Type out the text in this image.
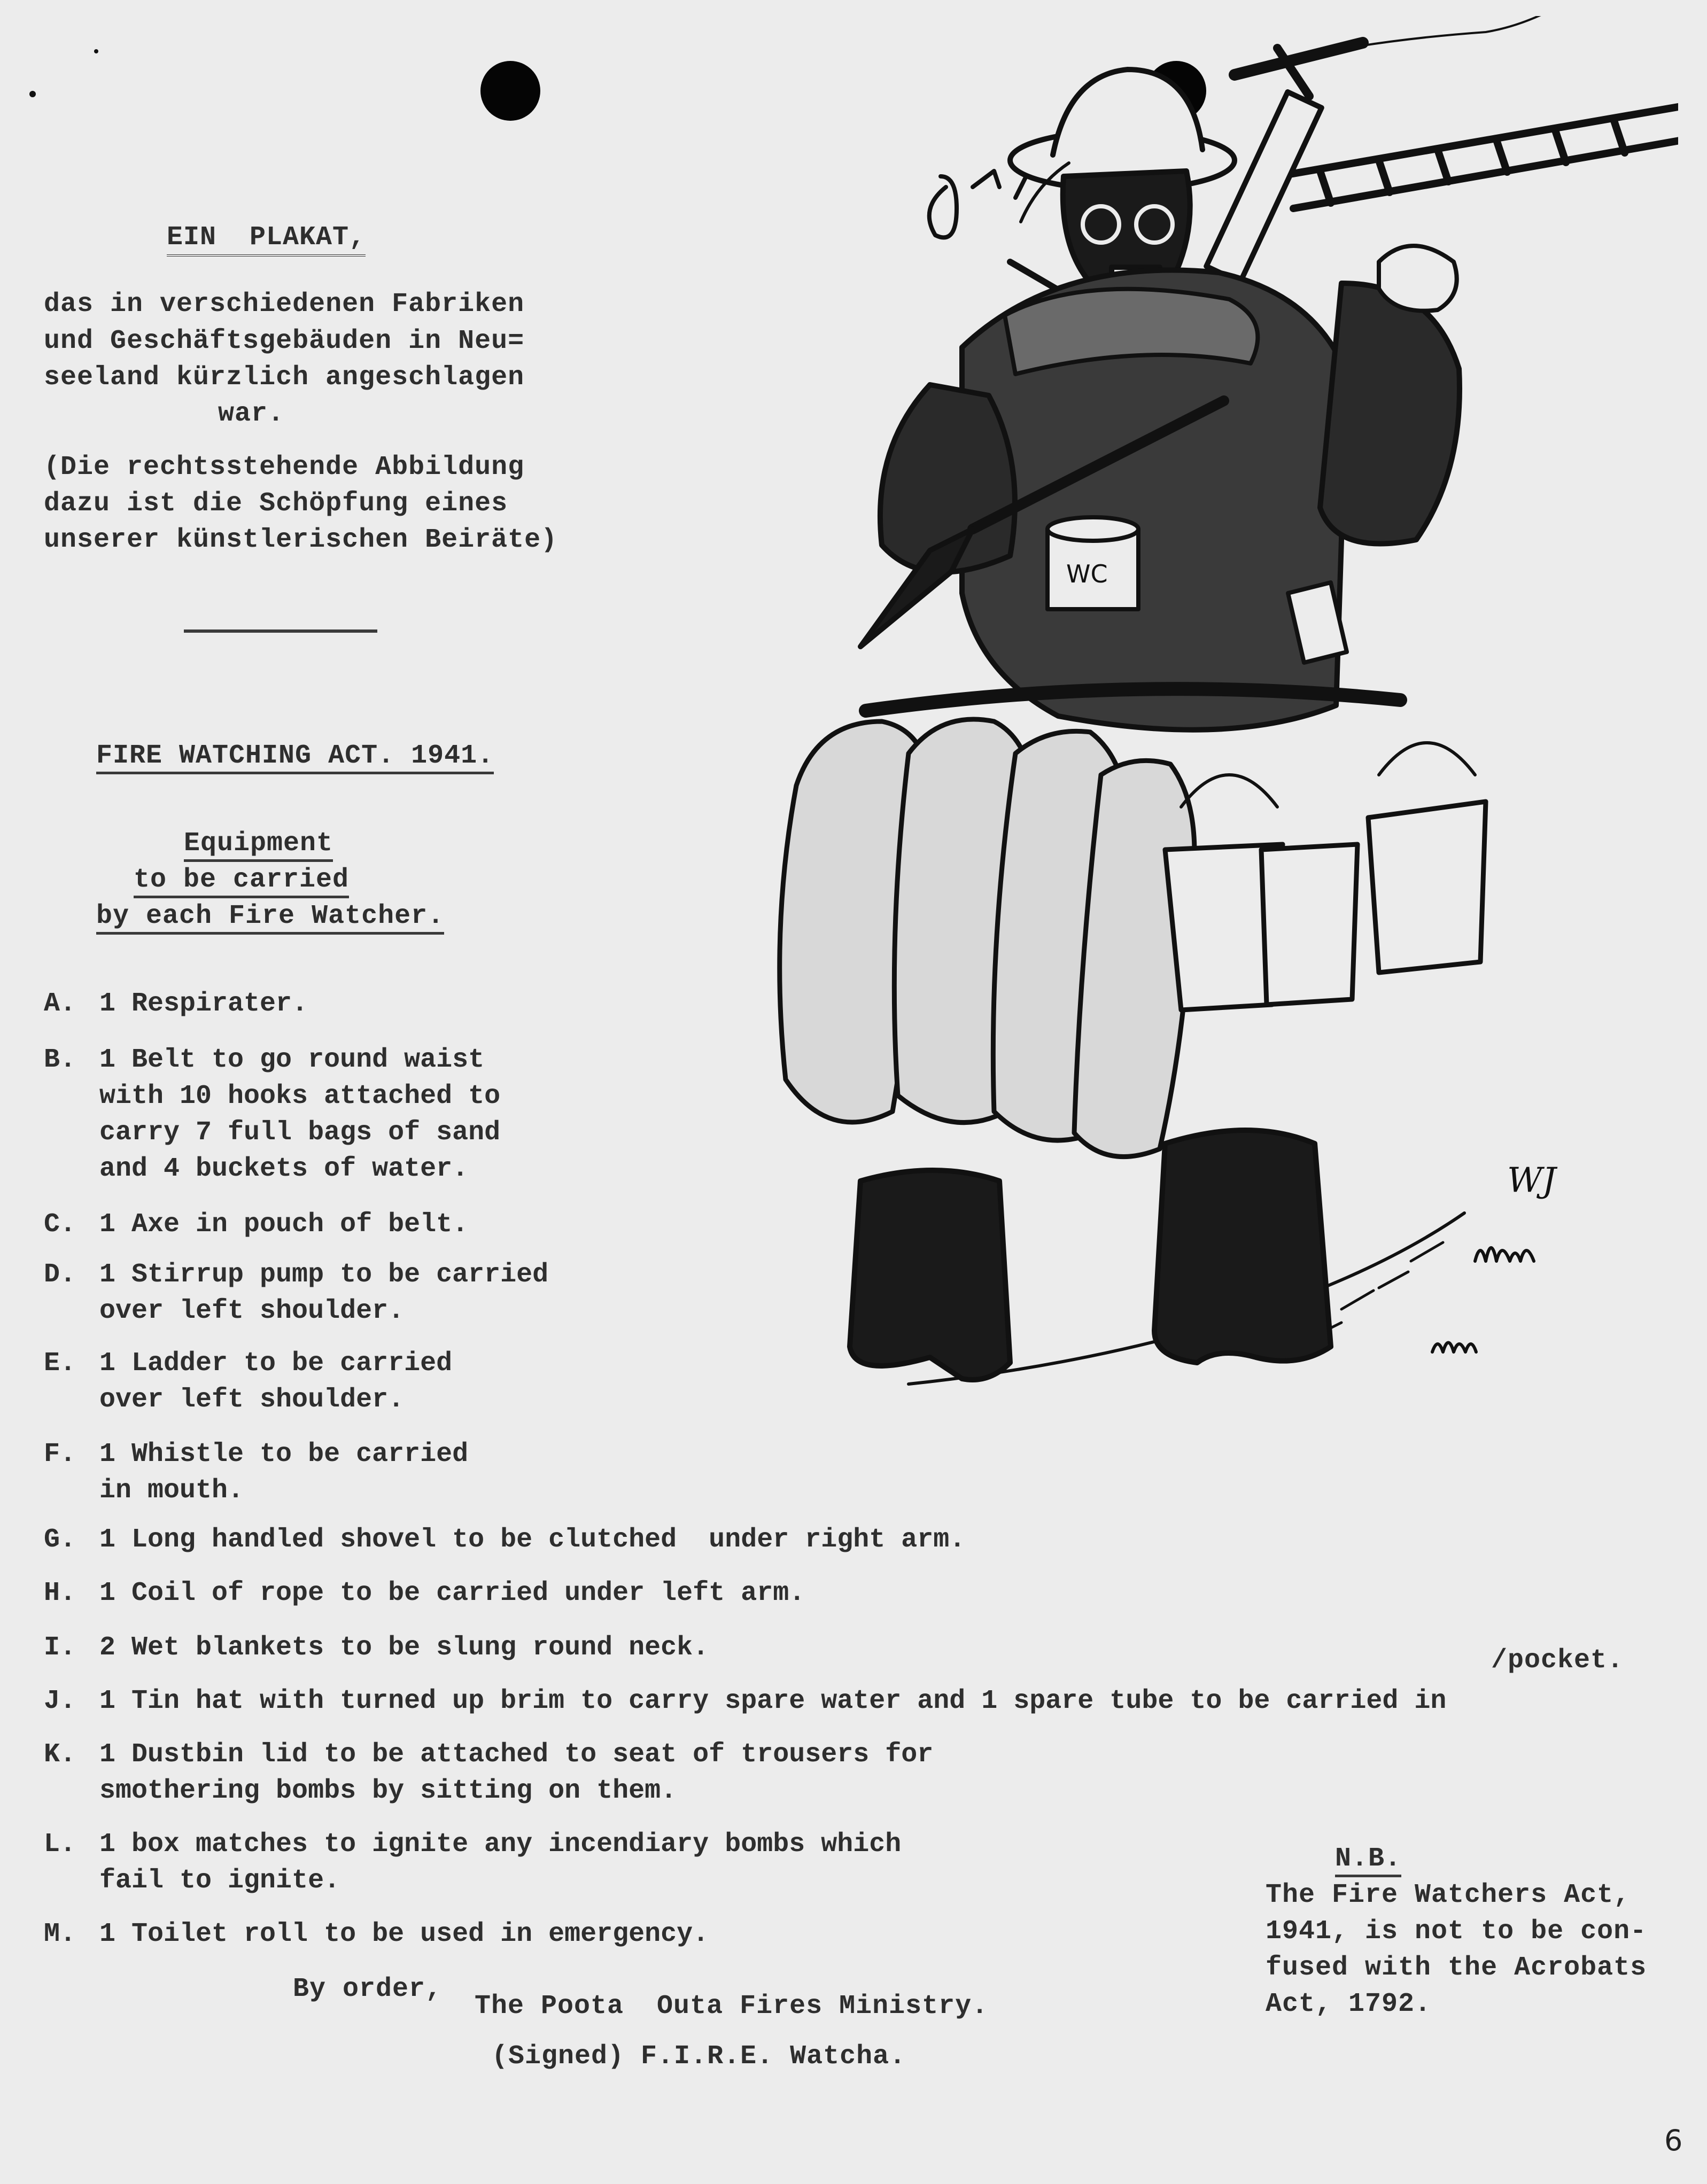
EIN  PLAKAT,
das in verschiedenen Fabriken
und Geschäftsgebäuden in Neu=
seeland kürzlich angeschlagen
war.
(Die rechtsstehende Abbildung
dazu ist die Schöpfung eines
unserer künstlerischen Beiräte)
FIRE WATCHING ACT. 1941.
Equipment
to be carried
by each Fire Watcher.
A. 1 Respirater.
B. 1 Belt to go round waist
with 10 hooks attached to
carry 7 full bags of sand
and 4 buckets of water.
C. 1 Axe in pouch of belt.
D. 1 Stirrup pump to be carried
over left shoulder.
E. 1 Ladder to be carried
over left shoulder.
F. 1 Whistle to be carried
in mouth.
G. 1 Long handled shovel to be clutched  under right arm.
H. 1 Coil of rope to be carried under left arm.
I. 2 Wet blankets to be slung round neck.	/pocket.
J. 1 Tin hat with turned up brim to carry spare water and 1 spare tube to be carried in
K. 1 Dustbin lid to be attached to seat of trousers for
smothering bombs by sitting on them.
L. 1 box matches to ignite any incendiary bombs which
fail to ignite.
M. 1 Toilet roll to be used in emergency.
By order,
The Poota  Outa Fires Ministry.
(Signed) F.I.R.E. Watcha.
N.B.
The Fire Watchers Act,
1941, is not to be con-
fused with the Acrobats
Act, 1792.
WC
WJ
6
